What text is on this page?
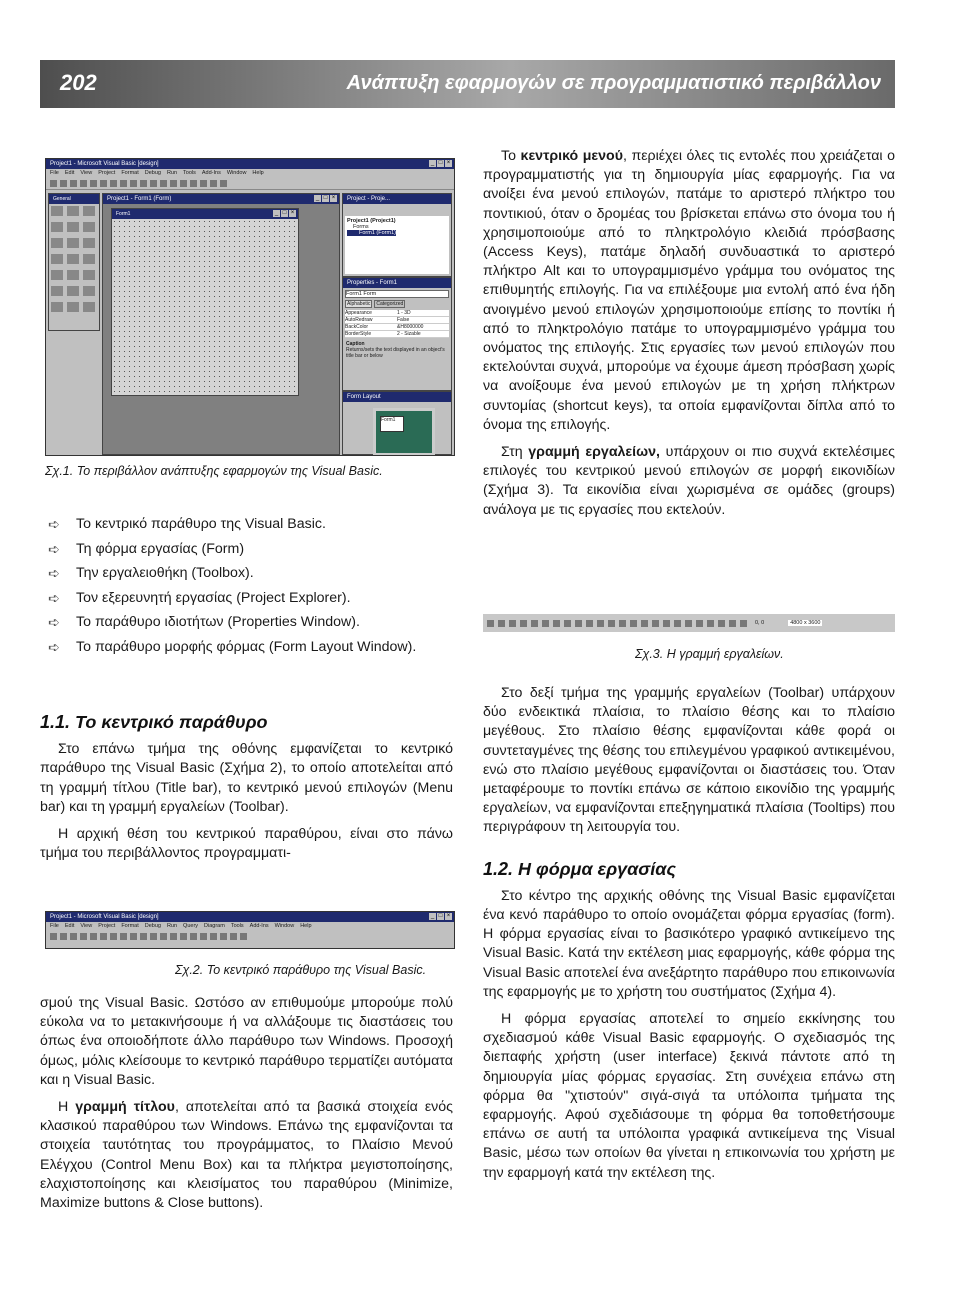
202	Ανάπτυξη εφαρμογών σε προγραμματιστικό περιβάλλον
Project1 - Microsoft Visual Basic [design]	_ □ ×
File Edit View Project Format Debug Run Tools Add-Ins Window Help
General	Project1 - Form1 (Form)	_ □ ×
Form1	_ □ ×
Project - Proje...
Project1 (Project1)
Forms
Form1 (Form1)
Properties - Form1
Form1 Form
Alphabetic	Categorized
Appearance	1 - 3D
AutoRedraw	False
BackColor	&H8000000
BorderStyle	2 - Sizable
Caption
Returns/sets the text displayed in an object's title bar or below
Form Layout
Form1
Σχ.1. Το περιβάλλον ανάπτυξης εφαρμογών της Visual Basic.
➪ Το κεντρικό παράθυρο της Visual Basic.
➪ Τη φόρμα εργασίας (Form)
➪ Την εργαλειοθήκη (Toolbox).
➪ Τον εξερευνητή εργασίας (Project Explorer).
➪ Το παράθυρο ιδιοτήτων (Properties Window).
➪ Το παράθυρο μορφής φόρμας (Form Layout Window).
1.1. Το κεντρικό παράθυρο

Στο επάνω τμήμα της οθόνης εμφανίζεται το κεντρικό παράθυρο της Visual Basic (Σχήμα 2), το οποίο αποτελείται από τη γραμμή τίτλου (Title bar), το κεντρικό μενού επιλογών (Menu bar) και τη γραμμή εργαλείων (Toolbar).

Η αρχική θέση του κεντρικού παραθύρου, είναι στο πάνω τμήμα του περιβάλλοντος προγραμματι-

Project1 - Microsoft Visual Basic [design]	_ □ ×
File Edit View Project Format Debug Run Query Diagram Tools Add-Ins Window Help
Σχ.2. Το κεντρικό παράθυρο της Visual Basic.

σμού της Visual Basic. Ωστόσο αν επιθυμούμε μπορούμε πολύ εύκολα να το μετακινήσουμε ή να αλλάξουμε τις διαστάσεις του όπως ένα οποιοδήποτε άλλο παράθυρο των Windows. Προσοχή όμως, μόλις κλείσουμε το κεντρικό παράθυρο τερματίζει αυτόματα και η Visual Basic.

Η γραμμή τίτλου, αποτελείται από τα βασικά στοιχεία ενός κλασικού παραθύρου των Windows. Επάνω της εμφανίζονται τα στοιχεία ταυτότητας του προγράμματος, το Πλαίσιο Μενού Ελέγχου (Control Menu Box) και τα πλήκτρα μεγιστοποίησης, ελαχιστοποίησης και κλεισίματος του παραθύρου (Minimize, Maximize buttons & Close buttons).

Το κεντρικό μενού, περιέχει όλες τις εντολές που χρειάζεται ο προγραμματιστής για τη δημιουργία μίας εφαρμογής. Για να ανοίξει ένα μενού επιλογών, πατάμε το αριστερό πλήκτρο του ποντικιού, όταν ο δρομέας του βρίσκεται επάνω στο όνομα του ή χρησιμοποιούμε από το πληκτρολόγιο κλειδιά πρόσβασης (Access Keys), πατάμε δηλαδή συνδυαστικά το αριστερό πλήκτρο Alt και το υπογραμμισμένο γράμμα του ονόματος της επιθυμητής επιλογής. Για να επιλέξουμε μια εντολή από ένα ήδη ανοιγμένο μενού επιλογών χρησιμοποιούμε επίσης το ποντίκι ή από το πληκτρολόγιο πατάμε το υπογραμμισμένο γράμμα του ονόματος της επιλογής. Στις εργασίες των μενού επιλογών που εκτελούνται συχνά, μπορούμε να έχουμε άμεση πρόσβαση χωρίς να ανοίξουμε ένα μενού επιλογών με τη χρήση πλήκτρων συντομίας (shortcut keys), τα οποία εμφανίζονται δίπλα από το όνομα της επιλογής.

Στη γραμμή εργαλείων, υπάρχουν οι πιο συχνά εκτελέσιμες επιλογές του κεντρικού μενού επιλογών σε μορφή εικονιδίων (Σχήμα 3). Τα εικονίδια είναι χωρισμένα σε ομάδες (groups) ανάλογα με τις εργασίες που εκτελούν.

0, 0	4800 x 3600
Σχ.3. Η γραμμή εργαλείων.

Στο δεξί τμήμα της γραμμής εργαλείων (Toolbar) υπάρχουν δύο ενδεικτικά πλαίσια, το πλαίσιο θέσης και το πλαίσιο μεγέθους. Στο πλαίσιο θέσης εμφανίζονται κάθε φορά οι συντεταγμένες της θέσης του επιλεγμένου γραφικού αντικειμένου, ενώ στο πλαίσιο μεγέθους εμφανίζονται οι διαστάσεις του. Όταν μεταφέρουμε το ποντίκι επάνω σε κάποιο εικονίδιο της γραμμής εργαλείων, να εμφανίζονται επεξηγηματικά πλαίσια (Tooltips) που περιγράφουν τη λειτουργία του.

1.2. Η φόρμα εργασίας

Στο κέντρο της αρχικής οθόνης της Visual Basic εμφανίζεται ένα κενό παράθυρο το οποίο ονομάζεται φόρμα εργασίας (form). Η φόρμα εργασίας είναι το βασικότερο γραφικό αντικείμενο της Visual Basic. Κατά την εκτέλεση μιας εφαρμογής, κάθε φόρμα της Visual Basic αποτελεί ένα ανεξάρτητο παράθυρο που επικοινωνία της εφαρμογής με το χρήστη του συστήματος (Σχήμα 4).

Η φόρμα εργασίας αποτελεί το σημείο εκκίνησης του σχεδιασμού κάθε Visual Basic εφαρμογής. Ο σχεδιασμός της διεπαφής χρήστη (user interface) ξεκινά πάντοτε από τη δημιουργία μίας φόρμας εργασίας. Στη συνέχεια επάνω στη φόρμα θα "χτιστούν" σιγά-σιγά τα υπόλοιπα τμήματα της εφαρμογής. Αφού σχεδιάσουμε τη φόρμα θα τοποθετήσουμε επάνω σε αυτή τα υπόλοιπα γραφικά αντικείμενα της Visual Basic, μέσω των οποίων θα γίνεται η επικοινωνία του χρήστη με την εφαρμογή κατά την εκτέλεση της.
